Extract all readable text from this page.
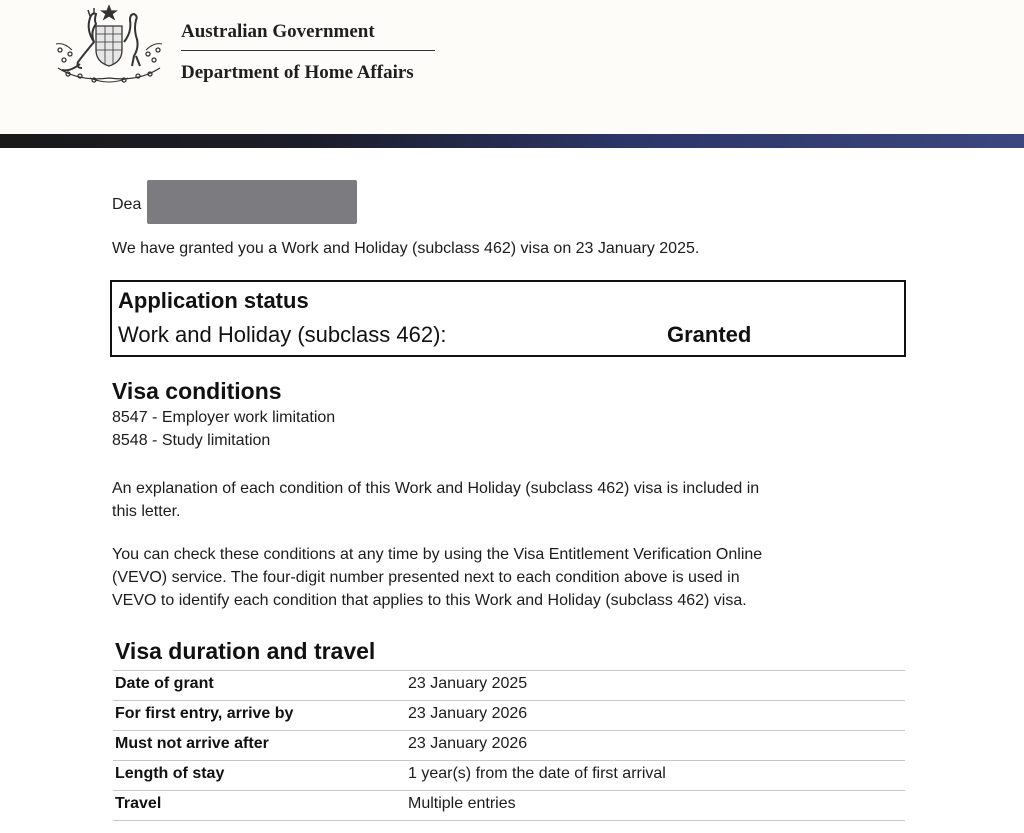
Australian Government
Department of Home Affairs
Dea
We have granted you a Work and Holiday (subclass 462) visa on 23 January 2025.
Application status
Work and Holiday (subclass 462):	Granted
Visa conditions
8547 - Employer work limitation
8548 - Study limitation
An explanation of each condition of this Work and Holiday (subclass 462) visa is included in
this letter.
You can check these conditions at any time by using the Visa Entitlement Verification Online
(VEVO) service. The four-digit number presented next to each condition above is used in
VEVO to identify each condition that applies to this Work and Holiday (subclass 462) visa.
Visa duration and travel
Date of grant	23 January 2025
For first entry, arrive by	23 January 2026
Must not arrive after	23 January 2026
Length of stay	1 year(s) from the date of first arrival
Travel	Multiple entries
